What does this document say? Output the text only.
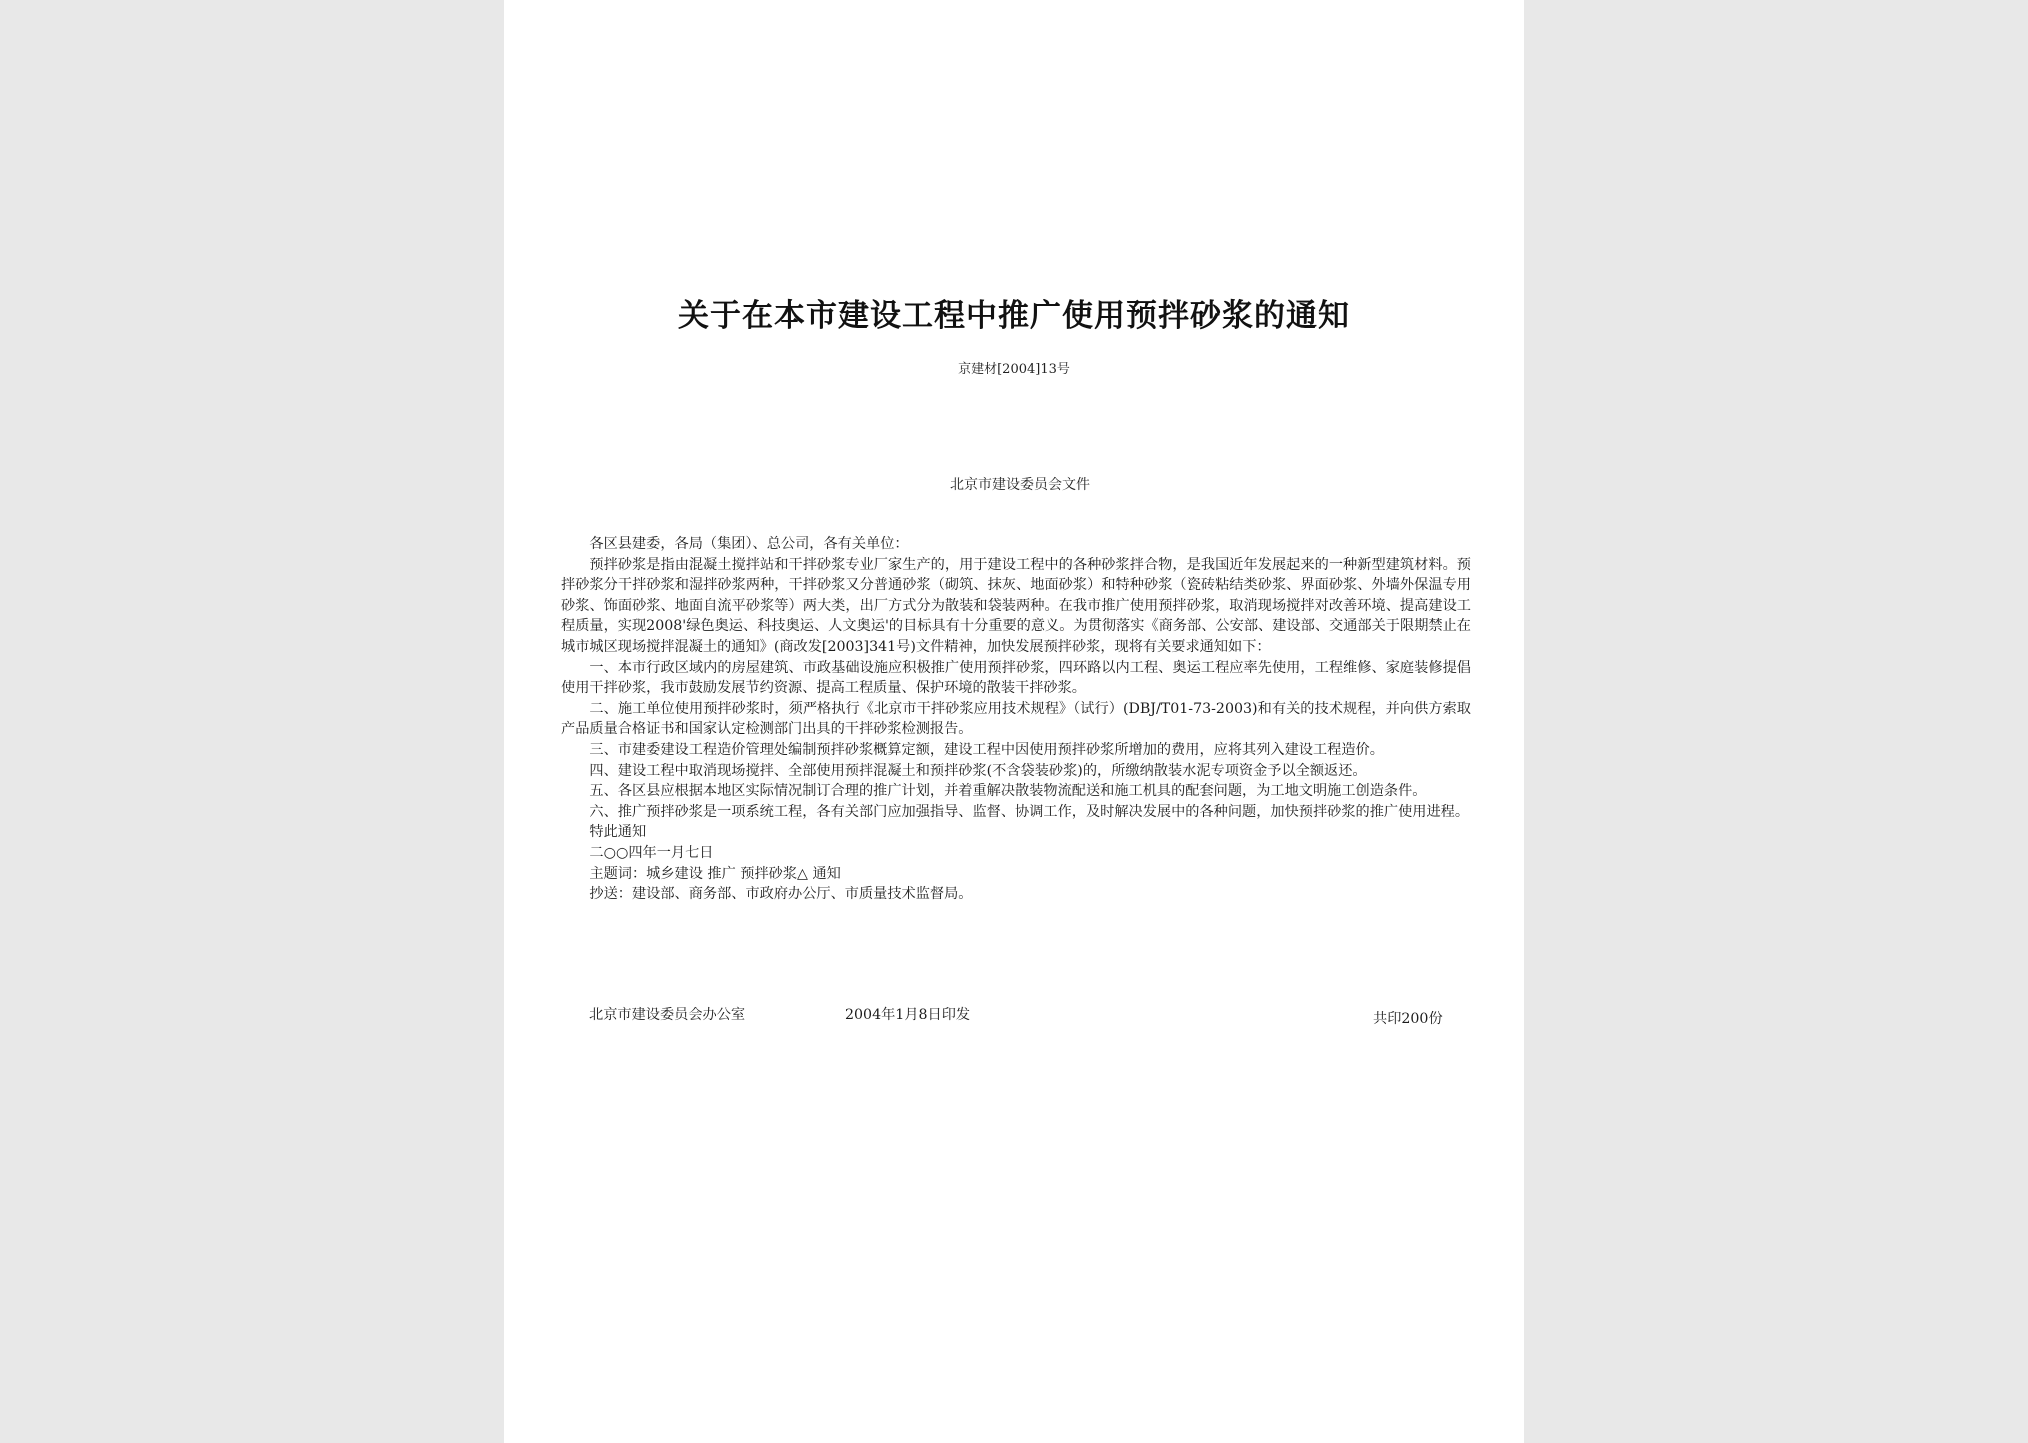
关于在本市建设工程中推广使用预拌砂浆的通知
京建材[2004]13号
北京市建设委员会文件

各区县建委，各局（集团）、总公司，各有关单位：

预拌砂浆是指由混凝土搅拌站和干拌砂浆专业厂家生产的，用于建设工程中的各种砂浆拌合物，是我国近年发展起来的一种新型建筑材料。预拌砂浆分干拌砂浆和湿拌砂浆两种，干拌砂浆又分普通砂浆（砌筑、抹灰、地面砂浆）和特种砂浆（瓷砖粘结类砂浆、界面砂浆、外墙外保温专用砂浆、饰面砂浆、地面自流平砂浆等）两大类，出厂方式分为散装和袋装两种。在我市推广使用预拌砂浆，取消现场搅拌对改善环境、提高建设工程质量，实现2008'绿色奥运、科技奥运、人文奥运'的目标具有十分重要的意义。为贯彻落实《商务部、公安部、建设部、交通部关于限期禁止在城市城区现场搅拌混凝土的通知》(商改发[2003]341号)文件精神，加快发展预拌砂浆，现将有关要求通知如下：

一、本市行政区域内的房屋建筑、市政基础设施应积极推广使用预拌砂浆，四环路以内工程、奥运工程应率先使用，工程维修、家庭装修提倡使用干拌砂浆，我市鼓励发展节约资源、提高工程质量、保护环境的散装干拌砂浆。

二、施工单位使用预拌砂浆时，须严格执行《北京市干拌砂浆应用技术规程》（试行）(DBJ/T01-73-2003)和有关的技术规程，并向供方索取产品质量合格证书和国家认定检测部门出具的干拌砂浆检测报告。

三、市建委建设工程造价管理处编制预拌砂浆概算定额，建设工程中因使用预拌砂浆所增加的费用，应将其列入建设工程造价。

四、建设工程中取消现场搅拌、全部使用预拌混凝土和预拌砂浆(不含袋装砂浆)的，所缴纳散装水泥专项资金予以全额返还。

五、各区县应根据本地区实际情况制订合理的推广计划，并着重解决散装物流配送和施工机具的配套问题，为工地文明施工创造条件。

六、推广预拌砂浆是一项系统工程，各有关部门应加强指导、监督、协调工作，及时解决发展中的各种问题，加快预拌砂浆的推广使用进程。

特此通知

二○○四年一月七日

主题词：城乡建设 推广 预拌砂浆△ 通知

抄送：建设部、商务部、市政府办公厅、市质量技术监督局。

北京市建设委员会办公室	2004年1月8日印发	共印200份
